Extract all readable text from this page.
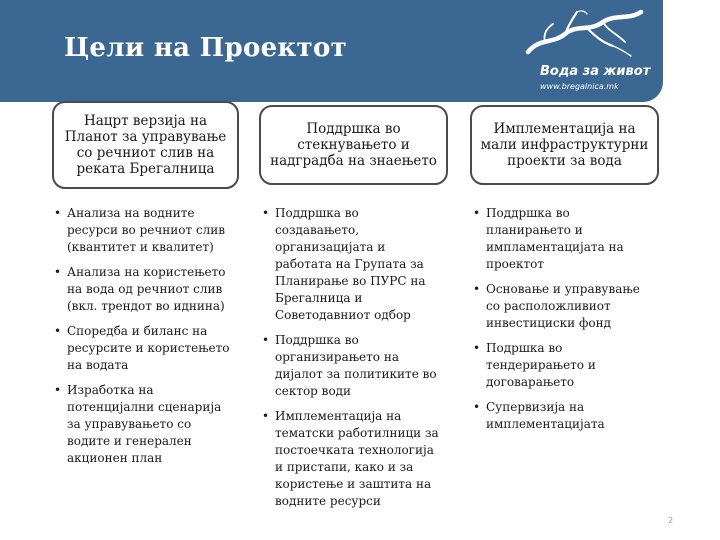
Цели на Проектот
Вода за живот
www.bregalnica.mk
Нацрт верзија на
Планот за управување
со речниот слив на
реката Брегалница
Поддршка во
стекнувањето и
надградба на знаењето
Имплементација на
мали инфраструктурни
проекти за вода
• Анализа на водните
ресурси во речниот слив
(квантитет и квалитет)
• Анализа на користењето
на вода од речниот слив
(вкл. трендот во иднина)
• Споредба и биланс на
ресурсите и користењето
на водата
• Изработка на
потенцијални сценарија
за управувањето со
водите и генерален
акционен план
• Поддршка во
создавањето,
организацијата и
работата на Групата за
Планирање во ПУРС на
Брегалница и
Советодавниот одбор
• Поддршка во
организирањето на
дијалот за политиките во
сектор води
• Имплементација на
тематски работилници за
постоечката технологија
и пристапи, како и за
користење и заштита на
водните ресурси
• Поддршка во
планирањето и
импламентацијата на
проектот
• Основање и управување
со расположливиот
инвестициски фонд
• Подршка во
тендерирањето и
договарањето
• Супервизија на
имплементацијата
2
